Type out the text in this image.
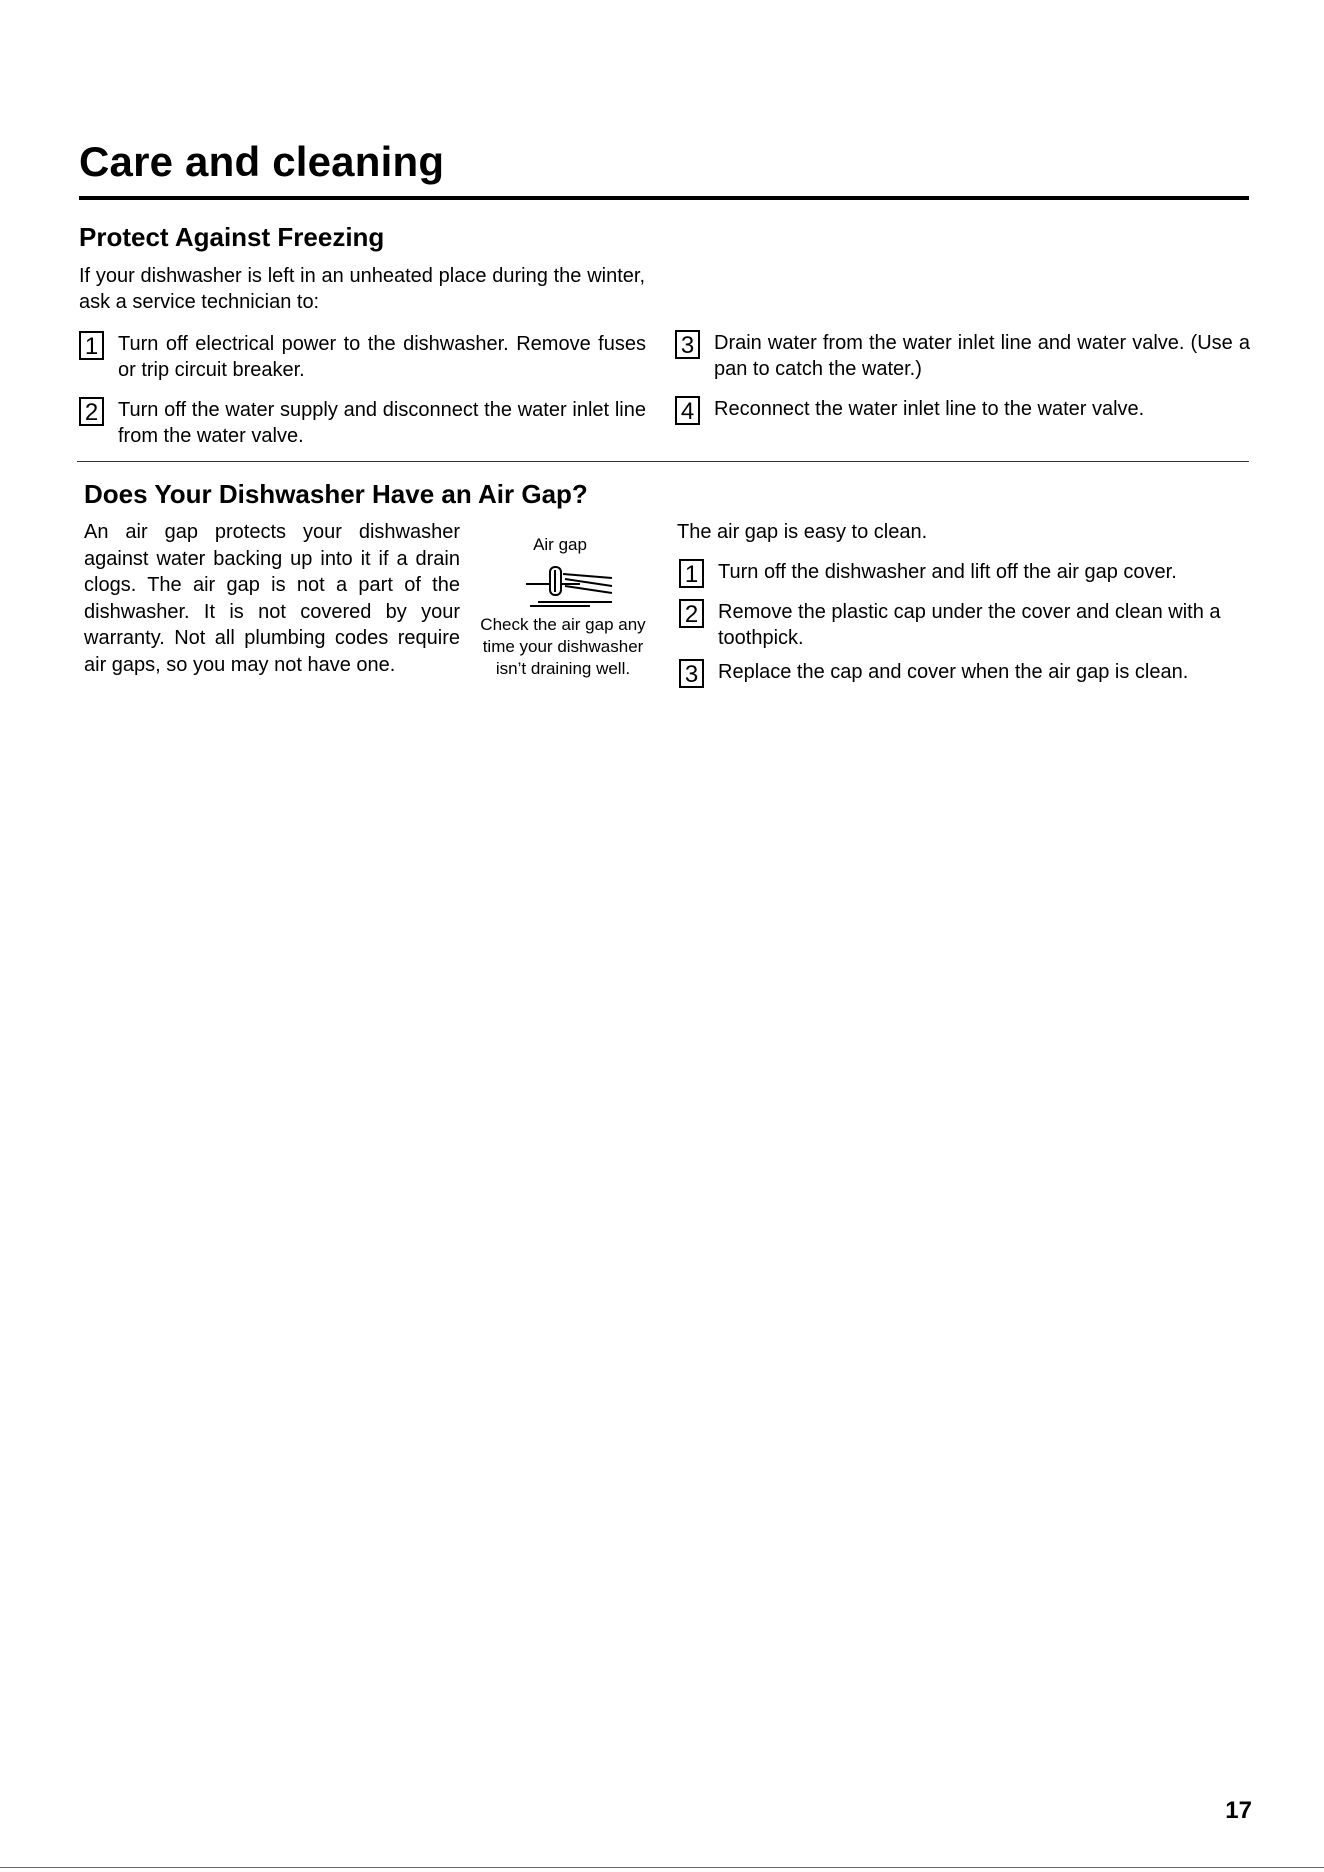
Care and cleaning
Protect Against Freezing
If your dishwasher is left in an unheated place during the winter, ask a service technician to:
1 Turn off electrical power to the dishwasher. Remove fuses or trip circuit breaker.
2 Turn off the water supply and disconnect the water inlet line from the water valve.
3 Drain water from the water inlet line and water valve. (Use a pan to catch the water.)
4 Reconnect the water inlet line to the water valve.
Does Your Dishwasher Have an Air Gap?
An air gap protects your dishwasher against water backing up into it if a drain clogs. The air gap is not a part of the dishwasher. It is not covered by your warranty. Not all plumbing codes require air gaps, so you may not have one.
Air gap
Check the air gap any time your dishwasher isn’t draining well.
The air gap is easy to clean.
1 Turn off the dishwasher and lift off the air gap cover.
2 Remove the plastic cap under the cover and clean with a toothpick.
3 Replace the cap and cover when the air gap is clean.
17
